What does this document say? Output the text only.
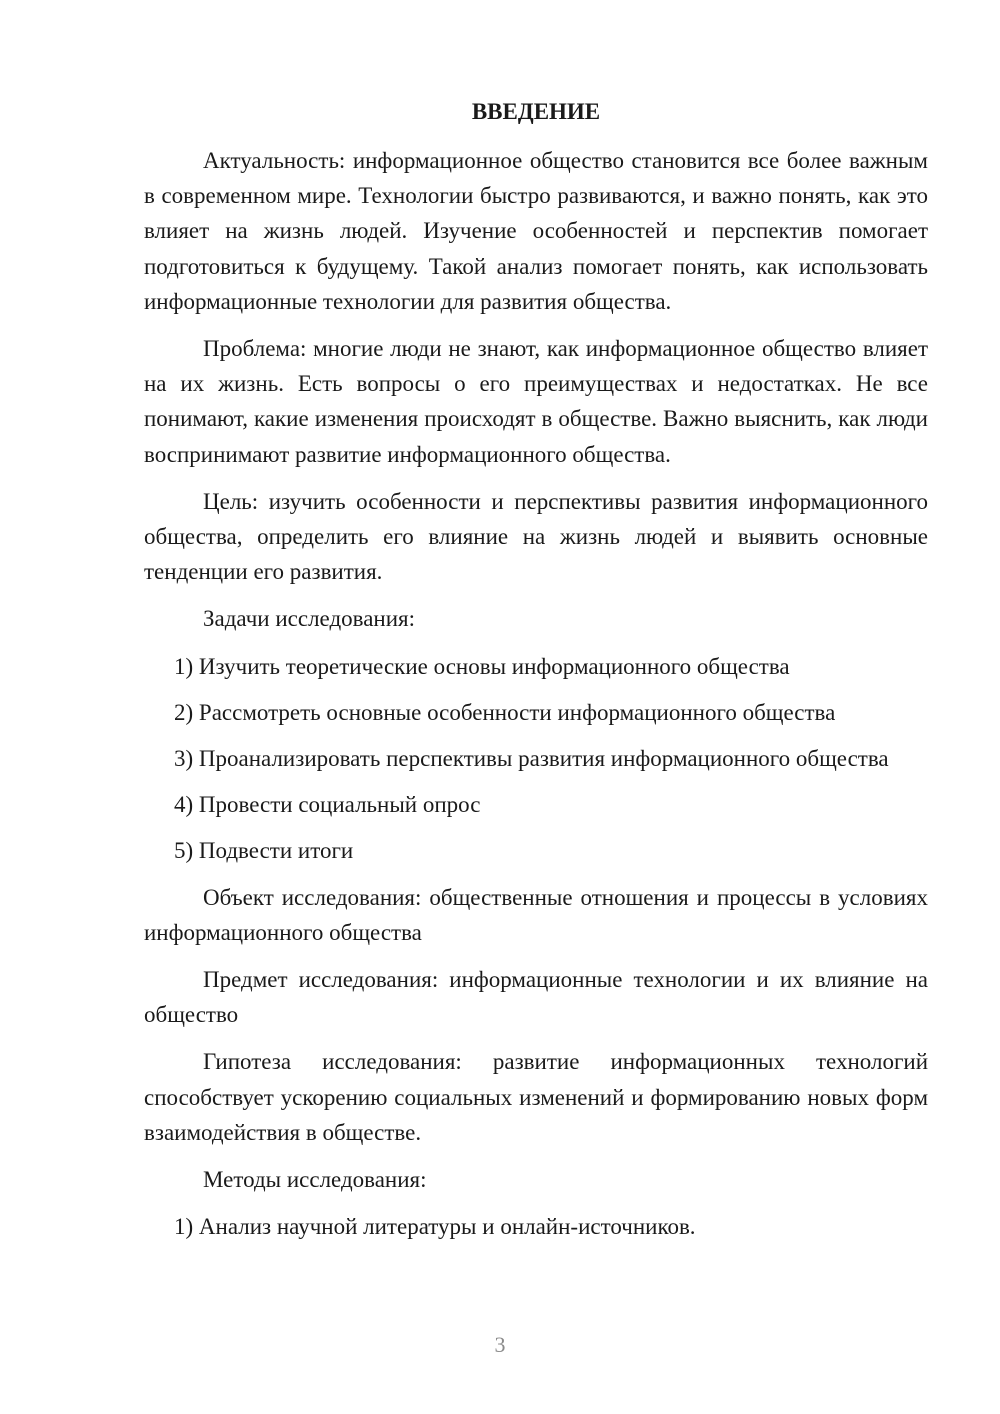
ВВЕДЕНИЕ

Актуальность: информационное общество становится все более важным в современном мире. Технологии быстро развиваются, и важно понять, как это влияет на жизнь людей. Изучение особенностей и перспектив помогает подготовиться к будущему. Такой анализ помогает понять, как использовать информационные технологии для развития общества.

Проблема: многие люди не знают, как информационное общество влияет на их жизнь. Есть вопросы о его преимуществах и недостатках. Не все понимают, какие изменения происходят в обществе. Важно выяснить, как люди воспринимают развитие информационного общества.

Цель: изучить особенности и перспективы развития информационного общества, определить его влияние на жизнь людей и выявить основные тенденции его развития.

Задачи исследования:

1) Изучить теоретические основы информационного общества

2) Рассмотреть основные особенности информационного общества

3) Проанализировать перспективы развития информационного общества

4) Провести социальный опрос

5) Подвести итоги

Объект исследования: общественные отношения и процессы в условиях информационного общества

Предмет исследования: информационные технологии и их влияние на общество

Гипотеза исследования: развитие информационных технологий способствует ускорению социальных изменений и формированию новых форм взаимодействия в обществе.

Методы исследования:

1) Анализ научной литературы и онлайн-источников.

3
